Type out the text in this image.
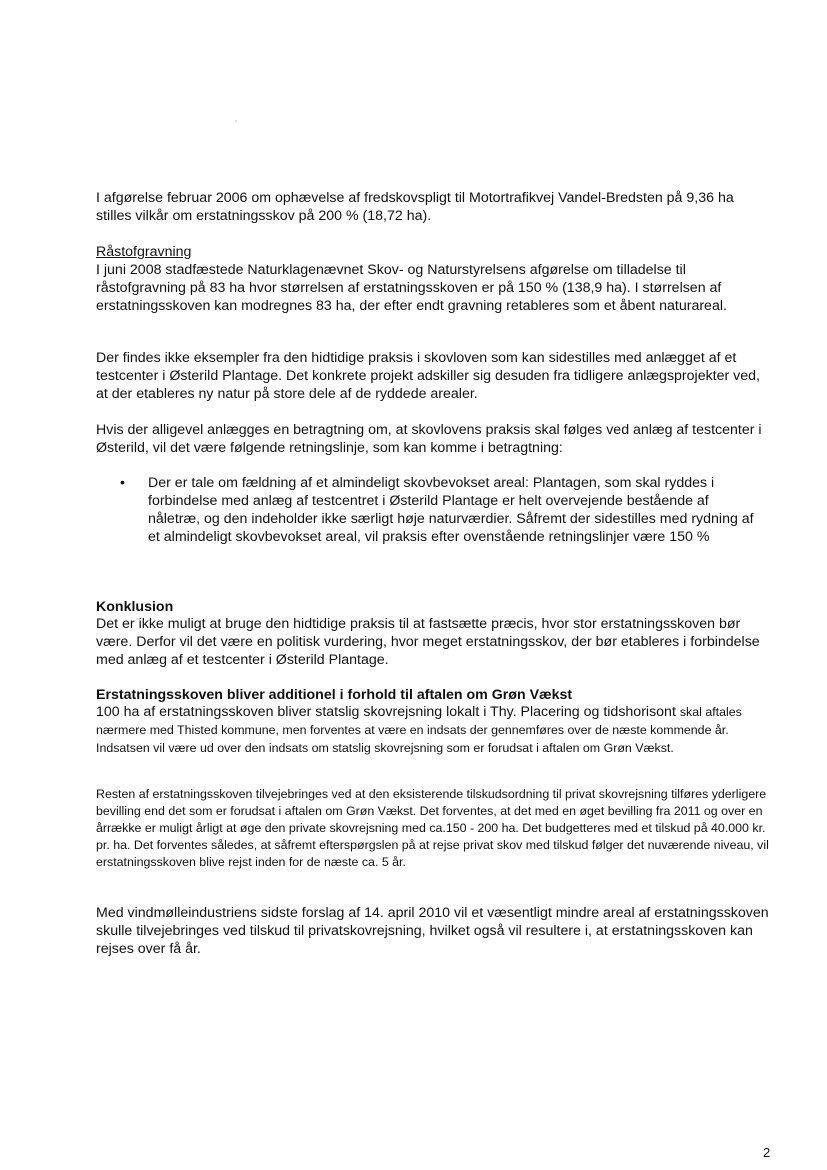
ˏ

I afgørelse februar 2006 om ophævelse af fredskovspligt til Motortrafikvej Vandel-Bredsten på 9,36 ha stilles vilkår om erstatningsskov på 200 % (18,72 ha).

Råstofgravning

I juni 2008 stadfæstede Naturklagenævnet Skov- og Naturstyrelsens afgørelse om tilladelse til råstofgravning på 83 ha hvor størrelsen af erstatningsskoven er på 150 % (138,9 ha). I størrelsen af erstatningsskoven kan modregnes 83 ha, der efter endt gravning retableres som et åbent naturareal.

Der findes ikke eksempler fra den hidtidige praksis i skovloven som kan sidestilles med anlægget af et testcenter i Østerild Plantage. Det konkrete projekt adskiller sig desuden fra tidligere anlægsprojekter ved, at der etableres ny natur på store dele af de ryddede arealer.

Hvis der alligevel anlægges en betragtning om, at skovlovens praksis skal følges ved anlæg af testcenter i Østerild, vil det være følgende retningslinje, som kan komme i betragtning:

• Der er tale om fældning af et almindeligt skovbevokset areal: Plantagen, som skal ryddes i forbindelse med anlæg af testcentret i Østerild Plantage er helt overvejende bestående af nåletræ, og den indeholder ikke særligt høje naturværdier. Såfremt der sidestilles med rydning af et almindeligt skovbevokset areal, vil praksis efter ovenstående retningslinjer være 150 %

Konklusion

Det er ikke muligt at bruge den hidtidige praksis til at fastsætte præcis, hvor stor erstatningsskoven bør være. Derfor vil det være en politisk vurdering, hvor meget erstatningsskov, der bør etableres i forbindelse med anlæg af et testcenter i Østerild Plantage.

Erstatningsskoven bliver additionel i forhold til aftalen om Grøn Vækst

100 ha af erstatningsskoven bliver statslig skovrejsning lokalt i Thy. Placering og tidshorisont skal aftales nærmere med Thisted kommune, men forventes at være en indsats der gennemføres over de næste kommende år. Indsatsen vil være ud over den indsats om statslig skovrejsning som er forudsat i aftalen om Grøn Vækst.

Resten af erstatningsskoven tilvejebringes ved at den eksisterende tilskudsordning til privat skovrejsning tilføres yderligere bevilling end det som er forudsat i aftalen om Grøn Vækst. Det forventes, at det med en øget bevilling fra 2011 og over en årrække er muligt årligt at øge den private skovrejsning med ca.150 - 200 ha. Det budgetteres med et tilskud på 40.000 kr. pr. ha. Det forventes således, at såfremt efterspørgslen på at rejse privat skov med tilskud følger det nuværende niveau, vil erstatningsskoven blive rejst inden for de næste ca. 5 år.

Med vindmølleindustriens sidste forslag af 14. april 2010 vil et væsentligt mindre areal af erstatningsskoven skulle tilvejebringes ved tilskud til privatskovrejsning, hvilket også vil resultere i, at erstatningsskoven kan rejses over få år.

2
